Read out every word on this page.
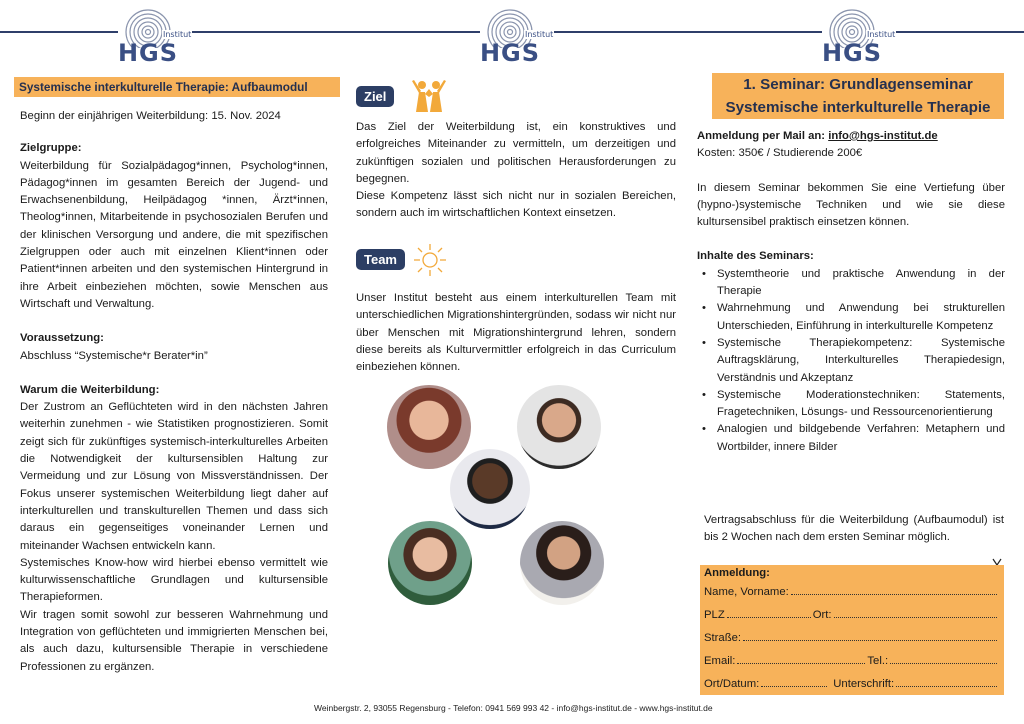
Institut
HGS
Institut
HGS
Institut
HGS
Systemische interkulturelle Therapie: Aufbaumodul

Beginn der einjährigen Weiterbildung: 15. Nov. 2024

Zielgruppe:

Weiterbildung für Sozialpädagog*innen, Psycholog*innen, Pädagog*innen im gesamten Bereich der Jugend- und Erwachsenenbildung, Heilpädagog *innen, Ärzt*innen, Theolog*innen, Mitarbeitende in psychosozialen Berufen und der klinischen Versorgung und andere, die mit spezifischen Zielgruppen oder auch mit einzelnen Klient*innen oder Patient*innen arbeiten und den systemischen Hintergrund in ihre Arbeit einbeziehen möchten, sowie Menschen aus Wirtschaft und Verwaltung.

Voraussetzung:

Abschluss “Systemische*r Berater*in”

Warum die Weiterbildung:

Der Zustrom an Geflüchteten wird in den nächsten Jahren weiterhin zunehmen - wie Statistiken prognostizieren. Somit zeigt sich für zukünftiges systemisch-interkulturelles Arbeiten die Notwendigkeit der kultursensiblen Haltung zur Vermeidung und zur Lösung von Missverständnissen. Der Fokus unserer systemischen Weiterbildung liegt daher auf interkulturellen und transkulturellen Themen und dass sich daraus ein gegenseitiges voneinander Lernen und miteinander Wachsen entwickeln kann.

Systemisches Know-how wird hierbei ebenso vermittelt wie kulturwissenschaftliche Grundlagen und kultursensible Therapieformen.

Wir tragen somit sowohl zur besseren Wahrnehmung und Integration von geflüchteten und immigrierten Menschen bei, als auch dazu, kultursensible Therapie in verschiedene Professionen zu ergänzen.

Ziel

Das Ziel der Weiterbildung ist, ein konstruktives und erfolgreiches Miteinander zu vermitteln, um derzeitigen und zukünftigen sozialen und politischen Herausforderungen zu begegnen.

Diese Kompetenz lässt sich nicht nur in sozialen Bereichen, sondern auch im wirtschaftlichen Kontext einsetzen.

Team
Unser Institut besteht aus einem interkulturellen Team mit unterschiedlichen Migrationshintergründen, sodass wir nicht nur über Menschen mit Migrationshintergrund lehren, sondern diese bereits als Kulturvermittler erfolgreich in das Curriculum einbeziehen können.
1. Seminar: Grundlagenseminar
Systemische interkulturelle Therapie

Anmeldung per Mail an: info@hgs-institut.de

Kosten: 350€ / Studierende 200€

In diesem Seminar bekommen Sie eine Vertiefung über (hypno-)systemische Techniken und wie sie diese kultursensibel praktisch einsetzen können.

Inhalte des Seminars:

• Systemtheorie und praktische Anwendung in der Therapie
• Wahrnehmung und Anwendung bei strukturellen Unterschieden, Einführung in interkulturelle Kompetenz
• Systemische Therapiekompetenz: Systemische Auftragsklärung, Interkulturelles Therapiedesign, Verständnis und Akzeptanz
• Systemische Moderationstechniken: Statements, Fragetechniken, Lösungs- und Ressourcenorientierung
• Analogien und bildgebende Verfahren: Metaphern und Wortbilder, innere Bilder
Vertragsabschluss für die Weiterbildung (Aufbaumodul) ist bis 2 Wochen nach dem ersten Seminar möglich.
Anmeldung:
Name, Vorname:
PLZ	Ort:
Straße:
Email:	Tel.:
Ort/Datum:	Unterschrift:
Weinbergstr. 2, 93055 Regensburg - Telefon: 0941 569 993 42 - info@hgs-institut.de - www.hgs-institut.de
